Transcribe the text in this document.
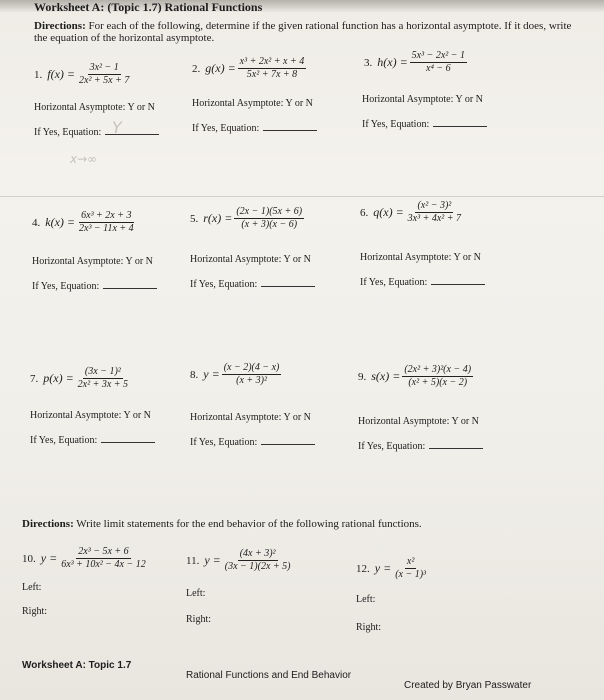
Worksheet A: (Topic 1.7) Rational Functions
Directions: For each of the following, determine if the given rational function has a horizontal asymptote. If it does, write the equation of the horizontal asymptote.
1. $f(x) = \frac{\text{3x² − 1}}{\text{2x² + 5x + 7}}$	2. $g(x) = \frac{\text{x³ + 2x² + x + 4}}{\text{5x² + 7x + 8}}$	3. $h(x) = \frac{\text{5x³ − 2x² − 1}}{\text{x⁴ − 6}}$
Horizontal Asymptote: Y or N
If Yes, Equation:
Horizontal Asymptote: Y or N
If Yes, Equation:
Horizontal Asymptote: Y or N
If Yes, Equation:
Y
x→∞
4. $k(x) = \frac{\text{6x³ + 2x + 3}}{\text{2x³ − 11x + 4}}$	5. $r(x) = \frac{(2x - 1)(5x + 6)}{(x + 3)(x - 6)}$	6. $q(x) = \frac{\text{(x² − 3)²}}{\text{3x³ + 4x² + 7}}$
Horizontal Asymptote: Y or N
If Yes, Equation:
Horizontal Asymptote: Y or N
If Yes, Equation:
Horizontal Asymptote: Y or N
If Yes, Equation:
7. $p(x) = \frac{\text{(3x − 1)²}}{\text{2x² + 3x + 5}}$	8. $y = \frac{(x - 2)(4 - x)}{\text{(x + 3)²}}$	9. $s(x) = \frac{\text{(2x² + 3)²(x − 4)}}{\text{(x² + 5)(x − 2)}}$
Horizontal Asymptote: Y or N
If Yes, Equation:
Horizontal Asymptote: Y or N
If Yes, Equation:
Horizontal Asymptote: Y or N
If Yes, Equation:
Directions: Write limit statements for the end behavior of the following rational functions.
10. $y = \frac{\text{2x³ − 5x + 6}}{\text{6x³ + 10x² − 4x − 12}}$	11. $y = \frac{\text{(4x + 3)²}}{(3x - 1)(2x + 5)}$	12. $y = \frac{\text{x²}}{\text{(x − 1)³}}$
Left:
Right:
Left:
Right:
Left:
Right:
Worksheet A: Topic 1.7
Rational Functions and End Behavior
Created by Bryan Passwater
